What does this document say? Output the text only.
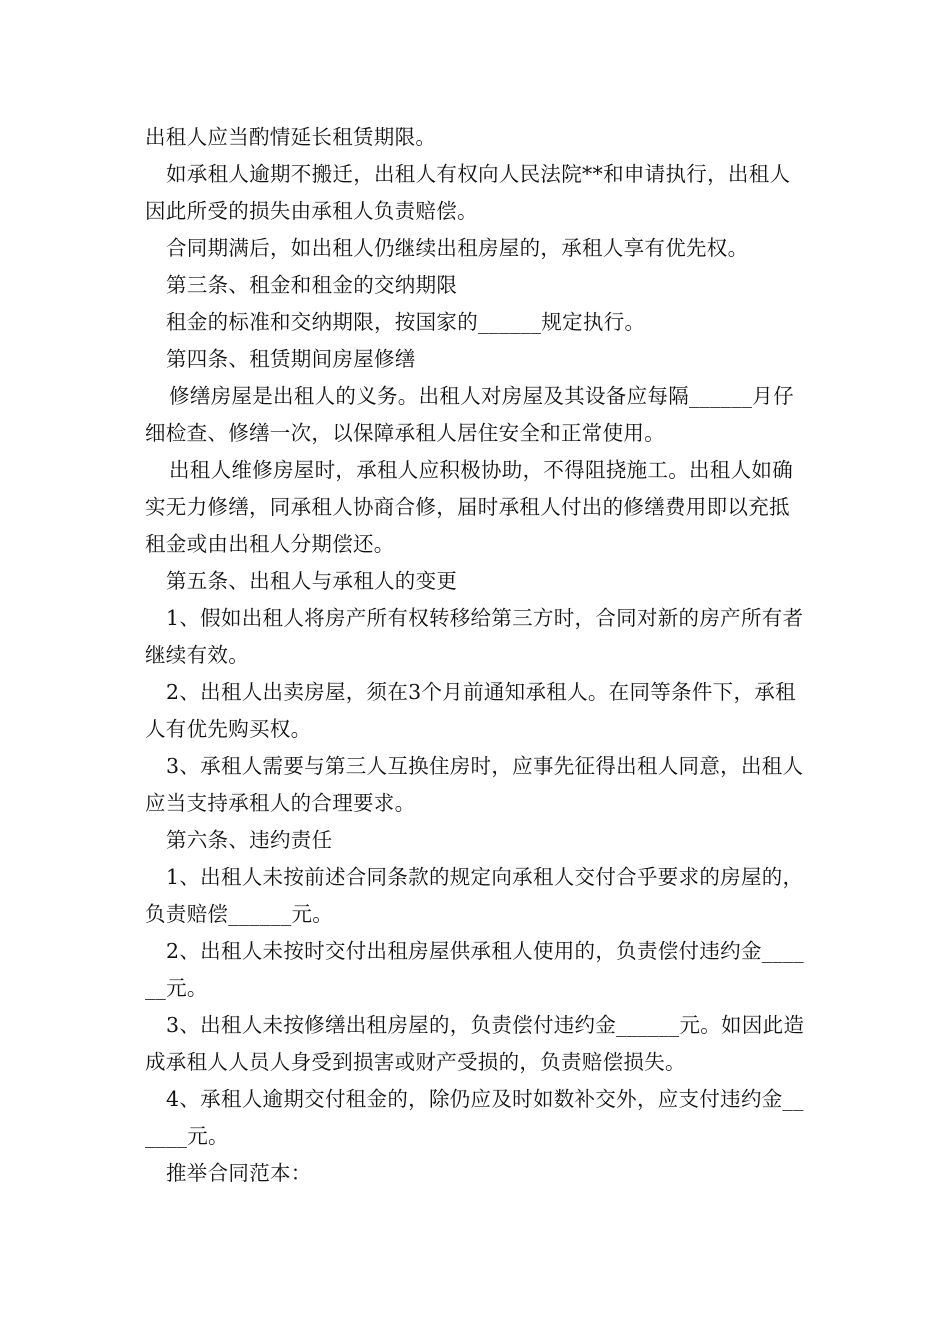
出租人应当酌情延长租赁期限。

如承租人逾期不搬迁，出租人有权向人民法院**和申请执行，出租人因此所受的损失由承租人负责赔偿。

合同期满后，如出租人仍继续出租房屋的，承租人享有优先权。

第三条、租金和租金的交纳期限

租金的标准和交纳期限，按国家的______规定执行。

第四条、租赁期间房屋修缮

修缮房屋是出租人的义务。出租人对房屋及其设备应每隔______月仔细检查、修缮一次，以保障承租人居住安全和正常使用。

出租人维修房屋时，承租人应积极协助，不得阻挠施工。出租人如确实无力修缮，同承租人协商合修，届时承租人付出的修缮费用即以充抵租金或由出租人分期偿还。

第五条、出租人与承租人的变更

1、假如出租人将房产所有权转移给第三方时，合同对新的房产所有者继续有效。

2、出租人出卖房屋，须在3个月前通知承租人。在同等条件下，承租人有优先购买权。

3、承租人需要与第三人互换住房时，应事先征得出租人同意，出租人应当支持承租人的合理要求。

第六条、违约责任

1、出租人未按前述合同条款的规定向承租人交付合乎要求的房屋的，负责赔偿______元。

2、出租人未按时交付出租房屋供承租人使用的，负责偿付违约金______元。

3、出租人未按修缮出租房屋的，负责偿付违约金______元。如因此造成承租人人员人身受到损害或财产受损的，负责赔偿损失。

4、承租人逾期交付租金的，除仍应及时如数补交外，应支付违约金______元。

推举合同范本：
